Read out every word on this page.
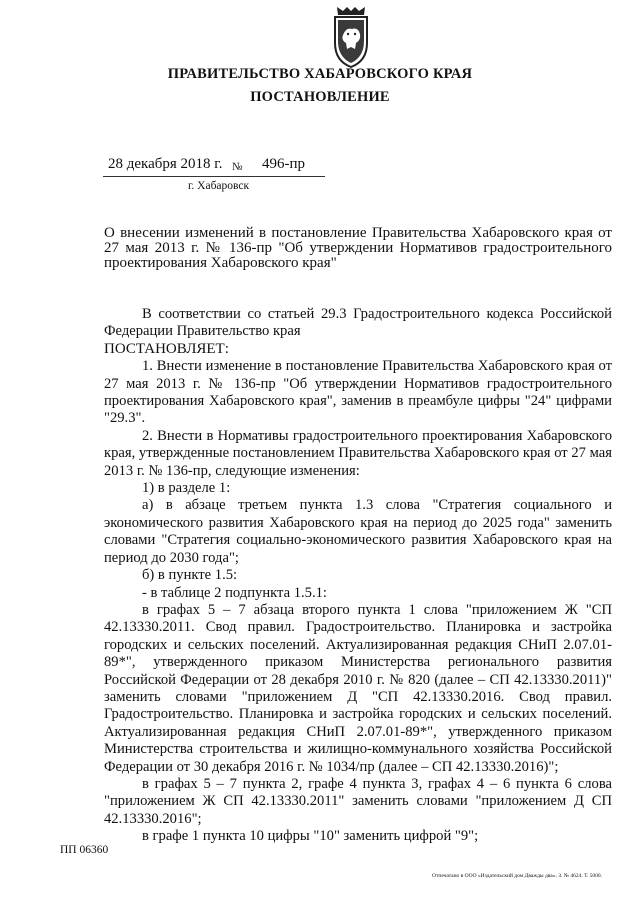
ПРАВИТЕЛЬСТВО ХАБАРОВСКОГО КРАЯ
ПОСТАНОВЛЕНИЕ
28 декабря 2018 г. № 496-пр
г. Хабаровск
О внесении изменений в постановление Правительства Хабаровского края от 27 мая 2013 г. № 136-пр "Об утверждении Нормативов градостроительного проектирования Хабаровского края"

В соответствии со статьей 29.3 Градостроительного кодекса Российской Федерации Правительство края

ПОСТАНОВЛЯЕТ:

1. Внести изменение в постановление Правительства Хабаровского края от 27 мая 2013 г. № 136-пр "Об утверждении Нормативов градостроительного проектирования Хабаровского края", заменив в преамбуле цифры "24" цифрами "29.3".

2. Внести в Нормативы градостроительного проектирования Хабаровского края, утвержденные постановлением Правительства Хабаровского края от 27 мая 2013 г. № 136-пр, следующие изменения:

1) в разделе 1:

а) в абзаце третьем пункта 1.3 слова "Стратегия социального и экономического развития Хабаровского края на период до 2025 года" заменить словами "Стратегия социально-экономического развития Хабаровского края на период до 2030 года";

б) в пункте 1.5:

- в таблице 2 подпункта 1.5.1:

в графах 5 – 7 абзаца второго пункта 1 слова "приложением Ж "СП 42.13330.2011. Свод правил. Градостроительство. Планировка и застройка городских и сельских поселений. Актуализированная редакция СНиП 2.07.01-89*", утвержденного приказом Министерства регионального развития Российской Федерации от 28 декабря 2010 г. № 820 (далее – СП 42.13330.2011)" заменить словами "приложением Д "СП 42.13330.2016. Свод правил. Градостроительство. Планировка и застройка городских и сельских поселений. Актуализированная редакция СНиП 2.07.01-89*", утвержденного приказом Министерства строительства и жилищно-коммунального хозяйства Российской Федерации от 30 декабря 2016 г. № 1034/пр (далее – СП 42.13330.2016)";

в графах 5 – 7 пункта 2, графе 4 пункта 3, графах 4 – 6 пункта 6 слова "приложением Ж СП 42.13330.2011" заменить словами "приложением Д СП 42.13330.2016";

в графе 1 пункта 10 цифры "10" заменить цифрой "9";

ПП 06360
Отпечатано в ООО «Издательский дом Дважды два». З. № 4624. Т. 5000.
